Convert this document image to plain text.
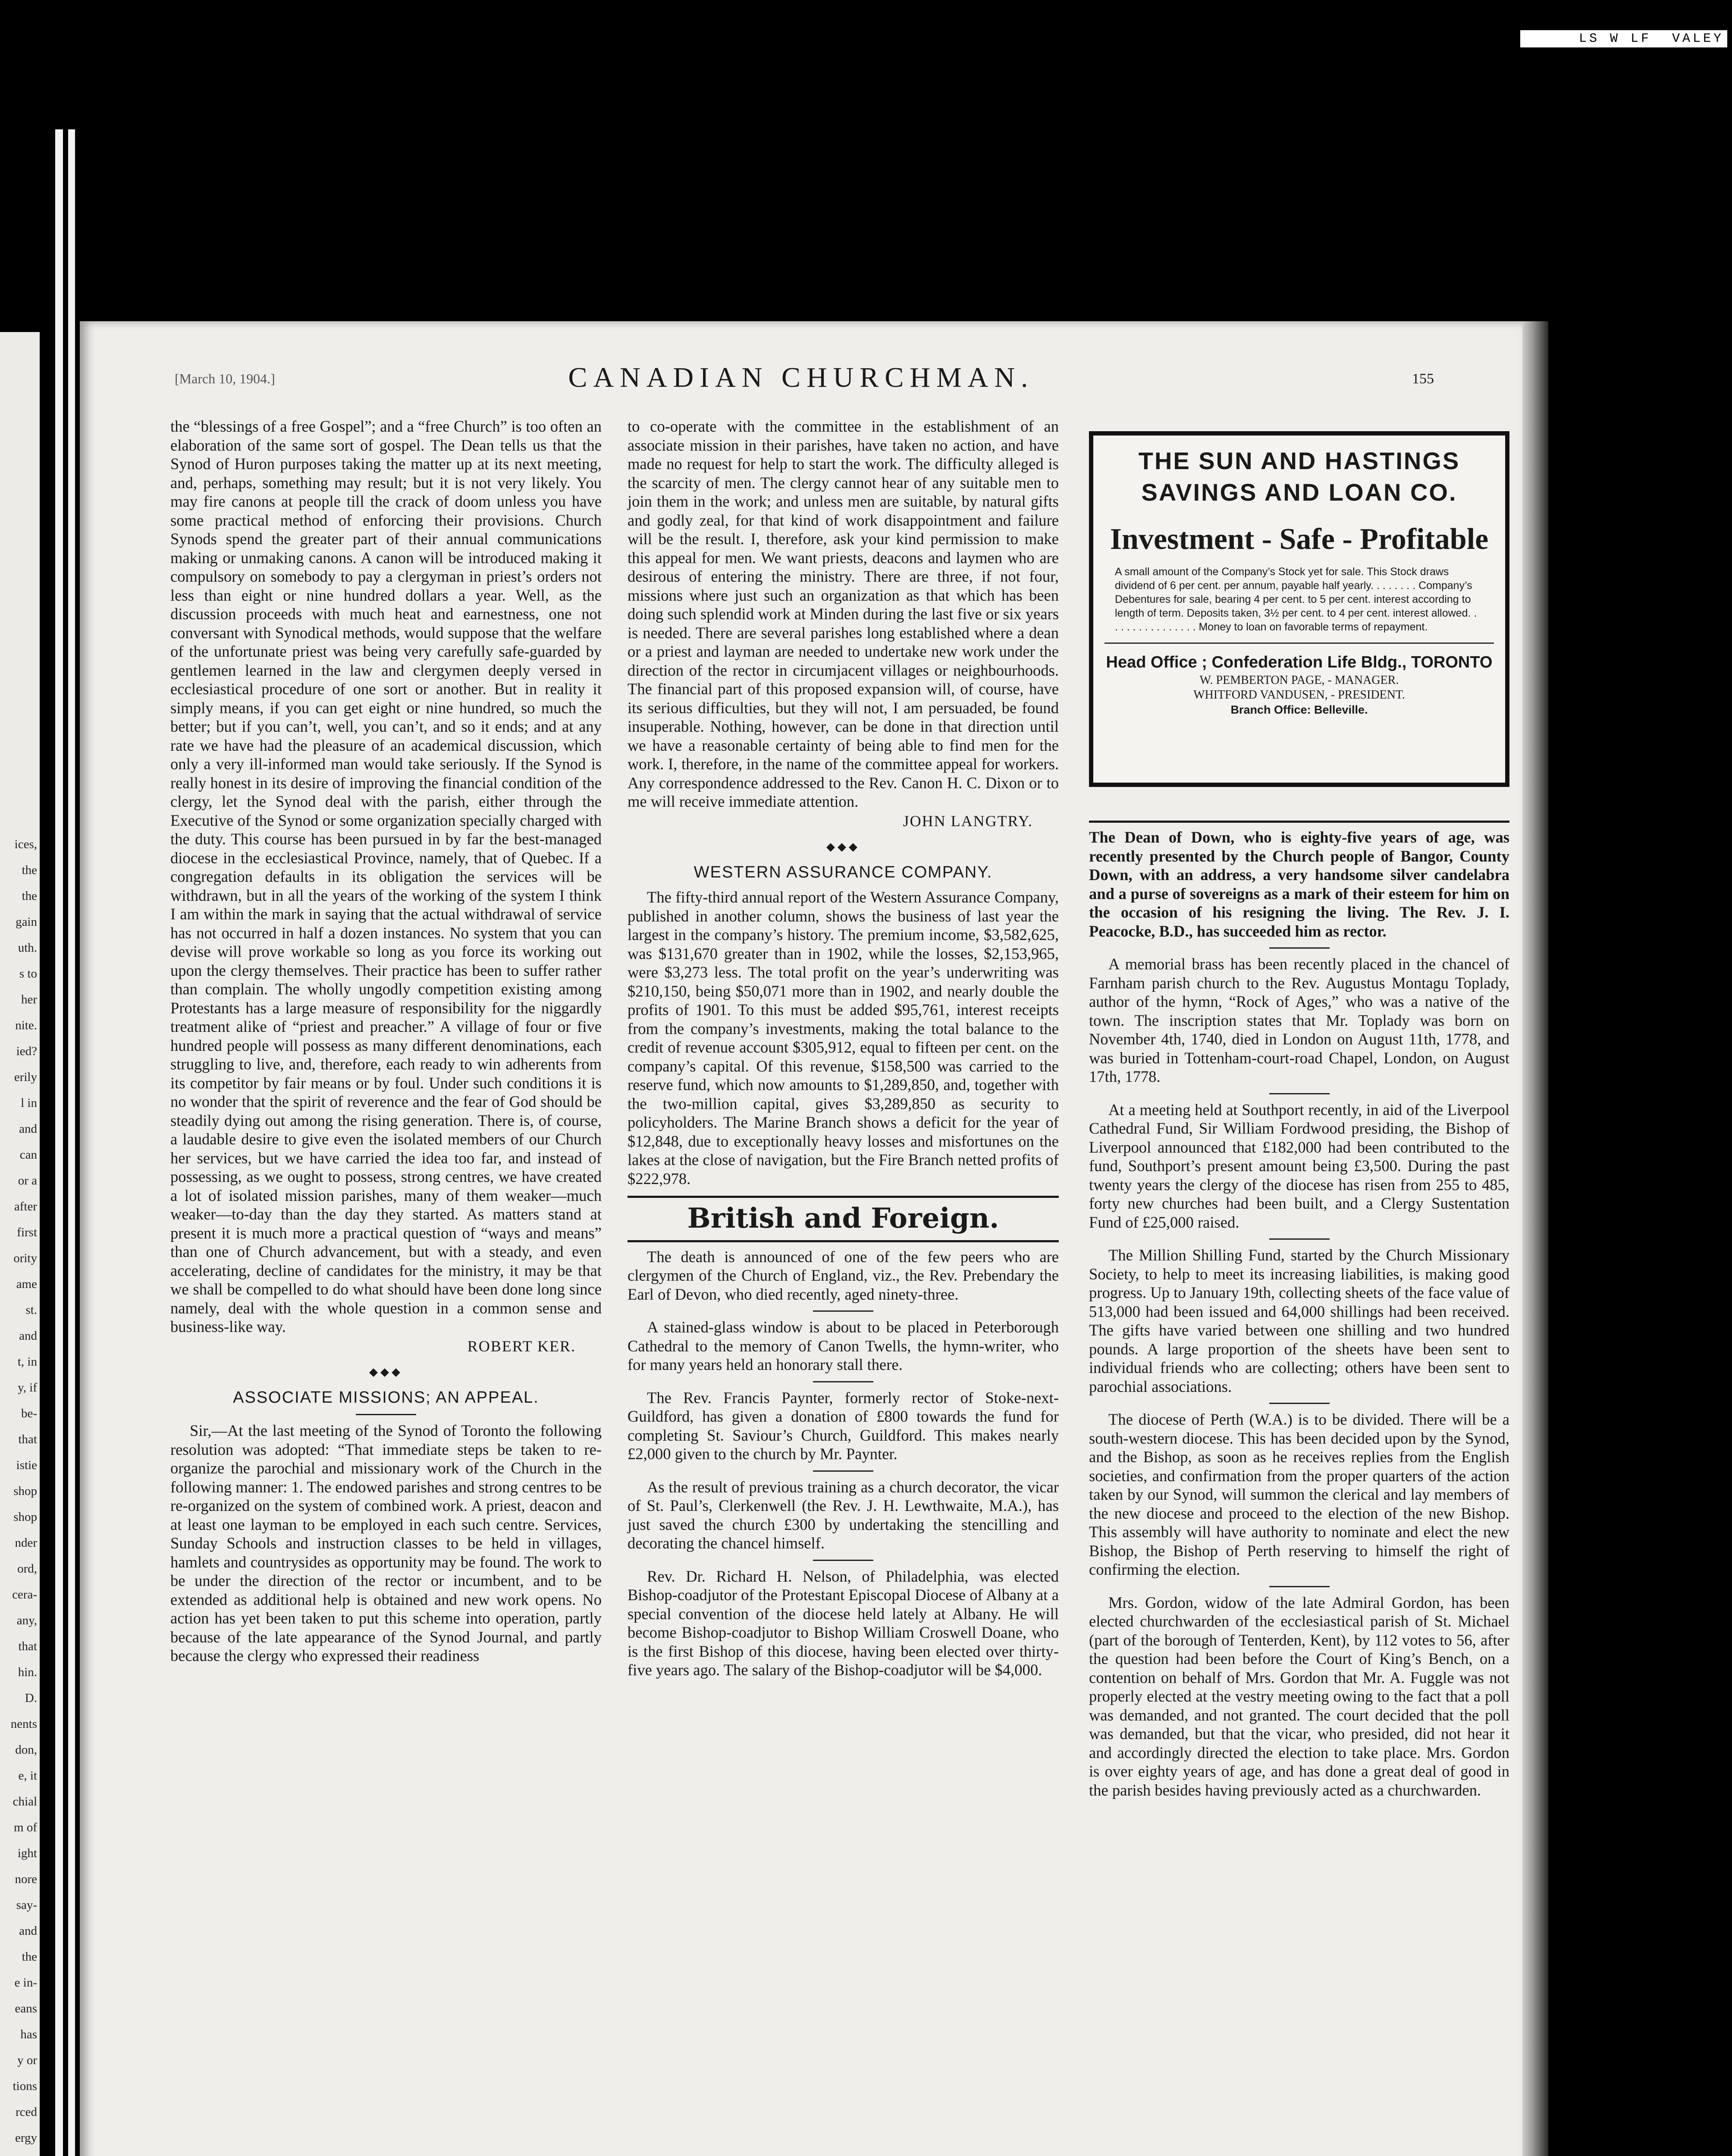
LS W LF  VALEY
ices,
the
the
gain
uth.
s to
her
nite.
ied?
erily
l in
and
can
or a
after
first
ority
ame
st.
and
t, in
y, if
be-
that
istie
shop
shop
nder
ord,
cera-
any,
that
hin.
D.
nents
don,
e, it
chial
m of
ight
nore
say-
and
the
e in-
eans
has
y or
tions
rced
ergy
[March 10, 1904.]	CANADIAN CHURCHMAN.	155

the “blessings of a free Gospel”; and a “free Church” is too often an elaboration of the same sort of gospel. The Dean tells us that the Synod of Huron purposes taking the matter up at its next meeting, and, perhaps, something may result; but it is not very likely. You may fire canons at people till the crack of doom unless you have some practical method of enforcing their provisions. Church Synods spend the greater part of their annual communications making or unmaking canons. A canon will be introduced making it compulsory on somebody to pay a clergyman in priest’s orders not less than eight or nine hundred dollars a year. Well, as the discussion proceeds with much heat and earnestness, one not conversant with Synodical methods, would suppose that the welfare of the unfortunate priest was being very carefully safe-guarded by gentlemen learned in the law and clergymen deeply versed in ecclesiastical procedure of one sort or another. But in reality it simply means, if you can get eight or nine hundred, so much the better; but if you can’t, well, you can’t, and so it ends; and at any rate we have had the pleasure of an academical discussion, which only a very ill-informed man would take seriously. If the Synod is really honest in its desire of improving the financial condition of the clergy, let the Synod deal with the parish, either through the Executive of the Synod or some organization specially charged with the duty. This course has been pursued in by far the best-managed diocese in the ecclesiastical Province, namely, that of Quebec. If a congregation defaults in its obligation the services will be withdrawn, but in all the years of the working of the system I think I am within the mark in saying that the actual withdrawal of service has not occurred in half a dozen instances. No system that you can devise will prove workable so long as you force its working out upon the clergy themselves. Their practice has been to suffer rather than complain. The wholly ungodly competition existing among Protestants has a large measure of responsibility for the niggardly treatment alike of “priest and preacher.” A village of four or five hundred people will possess as many different denominations, each struggling to live, and, therefore, each ready to win adherents from its competitor by fair means or by foul. Under such conditions it is no wonder that the spirit of reverence and the fear of God should be steadily dying out among the rising generation. There is, of course, a laudable desire to give even the isolated members of our Church her services, but we have carried the idea too far, and instead of possessing, as we ought to possess, strong centres, we have created a lot of isolated mission parishes, many of them weaker—much weaker—to-day than the day they started. As matters stand at present it is much more a practical question of “ways and means” than one of Church advancement, but with a steady, and even accelerating, decline of candidates for the ministry, it may be that we shall be compelled to do what should have been done long since namely, deal with the whole question in a common sense and business-like way.

ROBERT KER.
◆◆◆
ASSOCIATE MISSIONS; AN APPEAL.

Sir,—At the last meeting of the Synod of Toronto the following resolution was adopted: “That immediate steps be taken to re-organize the parochial and missionary work of the Church in the following manner: 1. The endowed parishes and strong centres to be re-organized on the system of combined work. A priest, deacon and at least one layman to be employed in each such centre. Services, Sunday Schools and instruction classes to be held in villages, hamlets and countrysides as opportunity may be found. The work to be under the direction of the rector or incumbent, and to be extended as additional help is obtained and new work opens. No action has yet been taken to put this scheme into operation, partly because of the late appearance of the Synod Journal, and partly because the clergy who expressed their readiness

to co-operate with the committee in the establishment of an associate mission in their parishes, have taken no action, and have made no request for help to start the work. The difficulty alleged is the scarcity of men. The clergy cannot hear of any suitable men to join them in the work; and unless men are suitable, by natural gifts and godly zeal, for that kind of work disappointment and failure will be the result. I, therefore, ask your kind permission to make this appeal for men. We want priests, deacons and laymen who are desirous of entering the ministry. There are three, if not four, missions where just such an organization as that which has been doing such splendid work at Minden during the last five or six years is needed. There are several parishes long established where a dean or a priest and layman are needed to undertake new work under the direction of the rector in circumjacent villages or neighbourhoods. The financial part of this proposed expansion will, of course, have its serious difficulties, but they will not, I am persuaded, be found insuperable. Nothing, however, can be done in that direction until we have a reasonable certainty of being able to find men for the work. I, therefore, in the name of the committee appeal for workers. Any correspondence addressed to the Rev. Canon H. C. Dixon or to me will receive immediate attention.

JOHN LANGTRY.
◆◆◆
WESTERN ASSURANCE COMPANY.

The fifty-third annual report of the Western Assurance Company, published in another column, shows the business of last year the largest in the company’s history. The premium income, $3,582,625, was $131,670 greater than in 1902, while the losses, $2,153,965, were $3,273 less. The total profit on the year’s underwriting was $210,150, being $50,071 more than in 1902, and nearly double the profits of 1901. To this must be added $95,761, interest receipts from the company’s investments, making the total balance to the credit of revenue account $305,912, equal to fifteen per cent. on the company’s capital. Of this revenue, $158,500 was carried to the reserve fund, which now amounts to $1,289,850, and, together with the two-million capital, gives $3,289,850 as security to policyholders. The Marine Branch shows a deficit for the year of $12,848, due to exceptionally heavy losses and misfortunes on the lakes at the close of navigation, but the Fire Branch netted profits of $222,978.

British and Foreign.

The death is announced of one of the few peers who are clergymen of the Church of England, viz., the Rev. Prebendary the Earl of Devon, who died recently, aged ninety-three.

A stained-glass window is about to be placed in Peterborough Cathedral to the memory of Canon Twells, the hymn-writer, who for many years held an honorary stall there.

The Rev. Francis Paynter, formerly rector of Stoke-next-Guildford, has given a donation of £800 towards the fund for completing St. Saviour’s Church, Guildford. This makes nearly £2,000 given to the church by Mr. Paynter.

As the result of previous training as a church decorator, the vicar of St. Paul’s, Clerkenwell (the Rev. J. H. Lewthwaite, M.A.), has just saved the church £300 by undertaking the stencilling and decorating the chancel himself.

Rev. Dr. Richard H. Nelson, of Philadelphia, was elected Bishop-coadjutor of the Protestant Episcopal Diocese of Albany at a special convention of the diocese held lately at Albany. He will become Bishop-coadjutor to Bishop William Croswell Doane, who is the first Bishop of this diocese, having been elected over thirty-five years ago. The salary of the Bishop-coadjutor will be $4,000.

THE SUN AND HASTINGS
SAVINGS AND LOAN CO.
Investment - Safe - Profitable
A small amount of the Company’s Stock yet for sale. This Stock draws dividend of 6 per cent. per annum, payable half yearly. . . . . . . . Company’s Debentures for sale, bearing 4 per cent. to 5 per cent. interest according to length of term. Deposits taken, 3½ per cent. to 4 per cent. interest allowed. . . . . . . . . . . . . . . . Money to loan on favorable terms of repayment.
Head Office ; Confederation Life Bldg., TORONTO
W. PEMBERTON PAGE, - MANAGER.
WHITFORD VANDUSEN, - PRESIDENT.
Branch Office: Belleville.

The Dean of Down, who is eighty-five years of age, was recently presented by the Church people of Bangor, County Down, with an address, a very handsome silver candelabra and a purse of sovereigns as a mark of their esteem for him on the occasion of his resigning the living. The Rev. J. I. Peacocke, B.D., has succeeded him as rector.

A memorial brass has been recently placed in the chancel of Farnham parish church to the Rev. Augustus Montagu Toplady, author of the hymn, “Rock of Ages,” who was a native of the town. The inscription states that Mr. Toplady was born on November 4th, 1740, died in London on August 11th, 1778, and was buried in Tottenham-court-road Chapel, London, on August 17th, 1778.

At a meeting held at Southport recently, in aid of the Liverpool Cathedral Fund, Sir William Fordwood presiding, the Bishop of Liverpool announced that £182,000 had been contributed to the fund, Southport’s present amount being £3,500. During the past twenty years the clergy of the diocese has risen from 255 to 485, forty new churches had been built, and a Clergy Sustentation Fund of £25,000 raised.

The Million Shilling Fund, started by the Church Missionary Society, to help to meet its increasing liabilities, is making good progress. Up to January 19th, collecting sheets of the face value of 513,000 had been issued and 64,000 shillings had been received. The gifts have varied between one shilling and two hundred pounds. A large proportion of the sheets have been sent to individual friends who are collecting; others have been sent to parochial associations.

The diocese of Perth (W.A.) is to be divided. There will be a south-western diocese. This has been decided upon by the Synod, and the Bishop, as soon as he receives replies from the English societies, and confirmation from the proper quarters of the action taken by our Synod, will summon the clerical and lay members of the new diocese and proceed to the election of the new Bishop. This assembly will have authority to nominate and elect the new Bishop, the Bishop of Perth reserving to himself the right of confirming the election.

Mrs. Gordon, widow of the late Admiral Gordon, has been elected churchwarden of the ecclesiastical parish of St. Michael (part of the borough of Tenterden, Kent), by 112 votes to 56, after the question had been before the Court of King’s Bench, on a contention on behalf of Mrs. Gordon that Mr. A. Fuggle was not properly elected at the vestry meeting owing to the fact that a poll was demanded, and not granted. The court decided that the poll was demanded, but that the vicar, who presided, did not hear it and accordingly directed the election to take place. Mrs. Gordon is over eighty years of age, and has done a great deal of good in the parish besides having previously acted as a churchwarden.
